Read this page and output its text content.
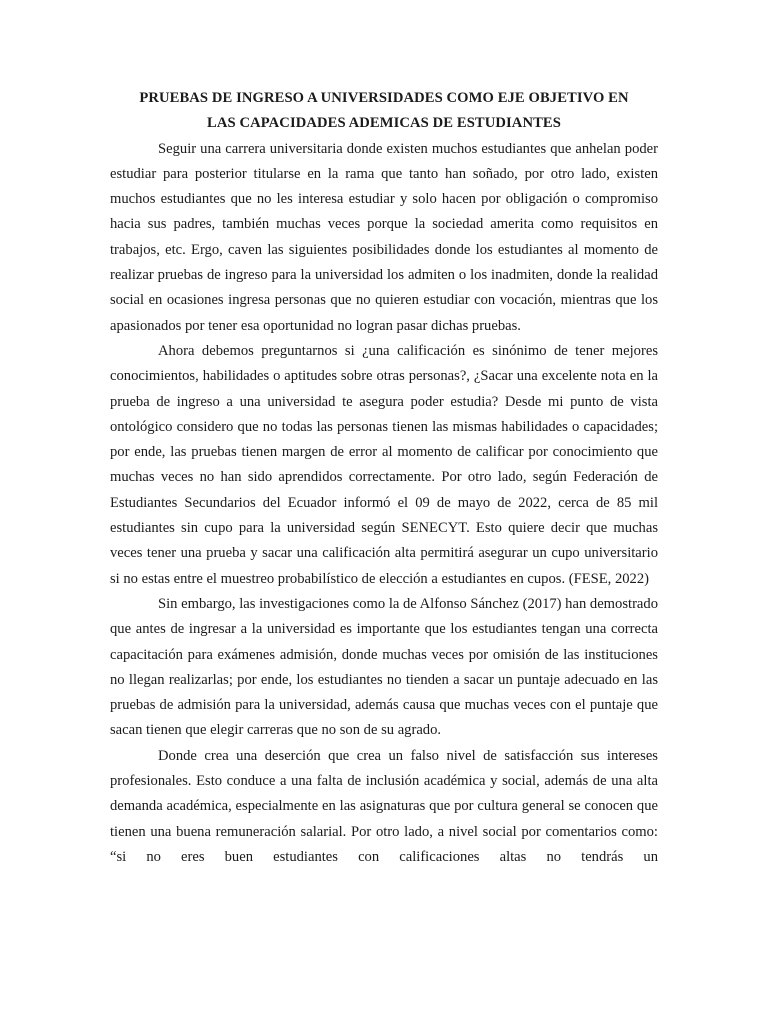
PRUEBAS DE INGRESO A UNIVERSIDADES COMO EJE OBJETIVO EN
LAS CAPACIDADES ADEMICAS DE ESTUDIANTES

Seguir una carrera universitaria donde existen muchos estudiantes que anhelan poder estudiar para posterior titularse en la rama que tanto han soñado, por otro lado, existen muchos estudiantes que no les interesa estudiar y solo hacen por obligación o compromiso hacia sus padres, también muchas veces porque la sociedad amerita como requisitos en trabajos, etc. Ergo, caven las siguientes posibilidades donde los estudiantes al momento de realizar pruebas de ingreso para la universidad los admiten o los inadmiten, donde la realidad social en ocasiones ingresa personas que no quieren estudiar con vocación, mientras que los apasionados por tener esa oportunidad no logran pasar dichas pruebas.

Ahora debemos preguntarnos si ¿una calificación es sinónimo de tener mejores conocimientos, habilidades o aptitudes sobre otras personas?, ¿Sacar una excelente nota en la prueba de ingreso a una universidad te asegura poder estudia? Desde mi punto de vista ontológico considero que no todas las personas tienen las mismas habilidades o capacidades; por ende, las pruebas tienen margen de error al momento de calificar por conocimiento que muchas veces no han sido aprendidos correctamente. Por otro lado, según Federación de Estudiantes Secundarios del Ecuador informó el 09 de mayo de 2022, cerca de 85 mil estudiantes sin cupo para la universidad según SENECYT. Esto quiere decir que muchas veces tener una prueba y sacar una calificación alta permitirá asegurar un cupo universitario si no estas entre el muestreo probabilístico de elección a estudiantes en cupos. (FESE, 2022)

Sin embargo, las investigaciones como la de Alfonso Sánchez (2017) han demostrado que antes de ingresar a la universidad es importante que los estudiantes tengan una correcta capacitación para exámenes admisión, donde muchas veces por omisión de las instituciones no llegan realizarlas; por ende, los estudiantes no tienden a sacar un puntaje adecuado en las pruebas de admisión para la universidad, además causa que muchas veces con el puntaje que sacan tienen que elegir carreras que no son de su agrado.

Donde crea una deserción que crea un falso nivel de satisfacción sus intereses profesionales. Esto conduce a una falta de inclusión académica y social, además de una alta demanda académica, especialmente en las asignaturas que por cultura general se conocen que tienen una buena remuneración salarial. Por otro lado, a nivel social por comentarios como: “si no eres buen estudiantes con calificaciones altas no tendrás un
